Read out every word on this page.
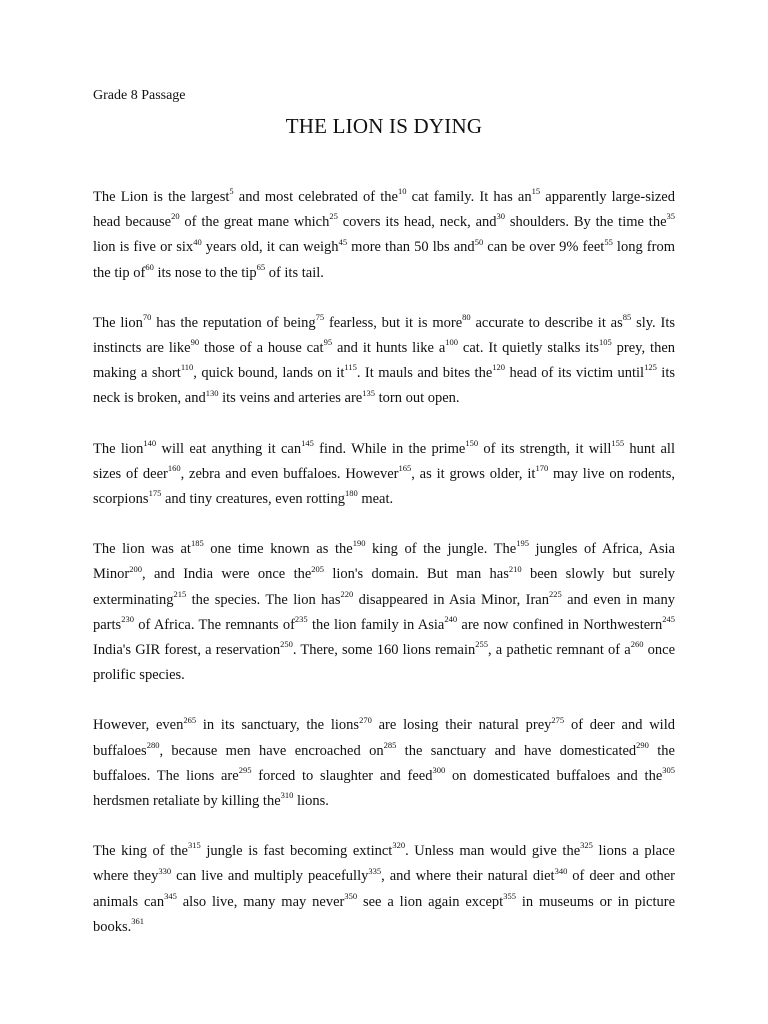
Grade 8 Passage
THE LION IS DYING

The Lion is the largest$^5$ and most celebrated of the$^{10}$ cat family. It has $an^{15}$ apparently large-sized head because$^{20}$ of the great mane which$^{25}$ covers its head, neck, and$^{30}$ shoulders. By the time the$^{35}$ lion is five or six$^{40}$ years old, it can weigh$^{45}$ more than 50 lbs and$^{50}$ can be over 9% feet$^{55}$ long from the tip $of^{60}$ its nose to the tip$^{65}$ of its tail.

The lion$^{70}$ has the reputation of being$^{75}$ fearless, but it is more$^{80}$ accurate to describe it $as^{85}$ sly. Its instincts are like$^{90}$ those of a house cat$^{95}$ and it hunts like $a^{100}$ cat. It quietly stalks its$^{105}$ prey, then making a short$^{110}$, quick bound, lands on $it^{115}$. It mauls and bites the$^{120}$ head of its victim until$^{125}$ its neck is broken, and$^{130}$ its veins and arteries are$^{135}$ torn out open.

The lion$^{140}$ will eat anything it can$^{145}$ find. While in the prime$^{150}$ of its strength, it will$^{155}$ hunt all sizes of deer$^{160}$, zebra and even buffaloes. However$^{165}$, as it grows older, $it^{170}$ may live on rodents, scorpions$^{175}$ and tiny creatures, even rotting$^{180}$ meat.

The lion was $at^{185}$ one time known as the$^{190}$ king of the jungle. The$^{195}$ jungles of Africa, Asia Minor$^{200}$, and India were once the$^{205}$ lion's domain. But man has$^{210}$ been slowly but surely exterminating$^{215}$ the species. The lion has$^{220}$ disappeared in Asia Minor, Iran$^{225}$ and even in many parts$^{230}$ of Africa. The remnants $of^{235}$ the lion family in Asia$^{240}$ are now confined in Northwestern$^{245}$ India's GIR forest, a reservation$^{250}$. There, some 160 lions remain$^{255}$, a pathetic remnant of $a^{260}$ once prolific species.

However, even$^{265}$ in its sanctuary, the lions$^{270}$ are losing their natural prey$^{275}$ of deer and wild buffaloes$^{280}$, because men have encroached $on^{285}$ the sanctuary and have domesticated$^{290}$ the buffaloes. The lions are$^{295}$ forced to slaughter and feed$^{300}$ on domesticated buffaloes and the$^{305}$ herdsmen retaliate by killing the$^{310}$ lions.

The king of the$^{315}$ jungle is fast becoming extinct$^{320}$. Unless man would give the$^{325}$ lions a place where they$^{330}$ can live and multiply peacefully$^{335}$, and where their natural diet$^{340}$ of deer and other animals can$^{345}$ also live, many may never$^{350}$ see a lion again except$^{355}$ in museums or in picture books.$^{361}$
